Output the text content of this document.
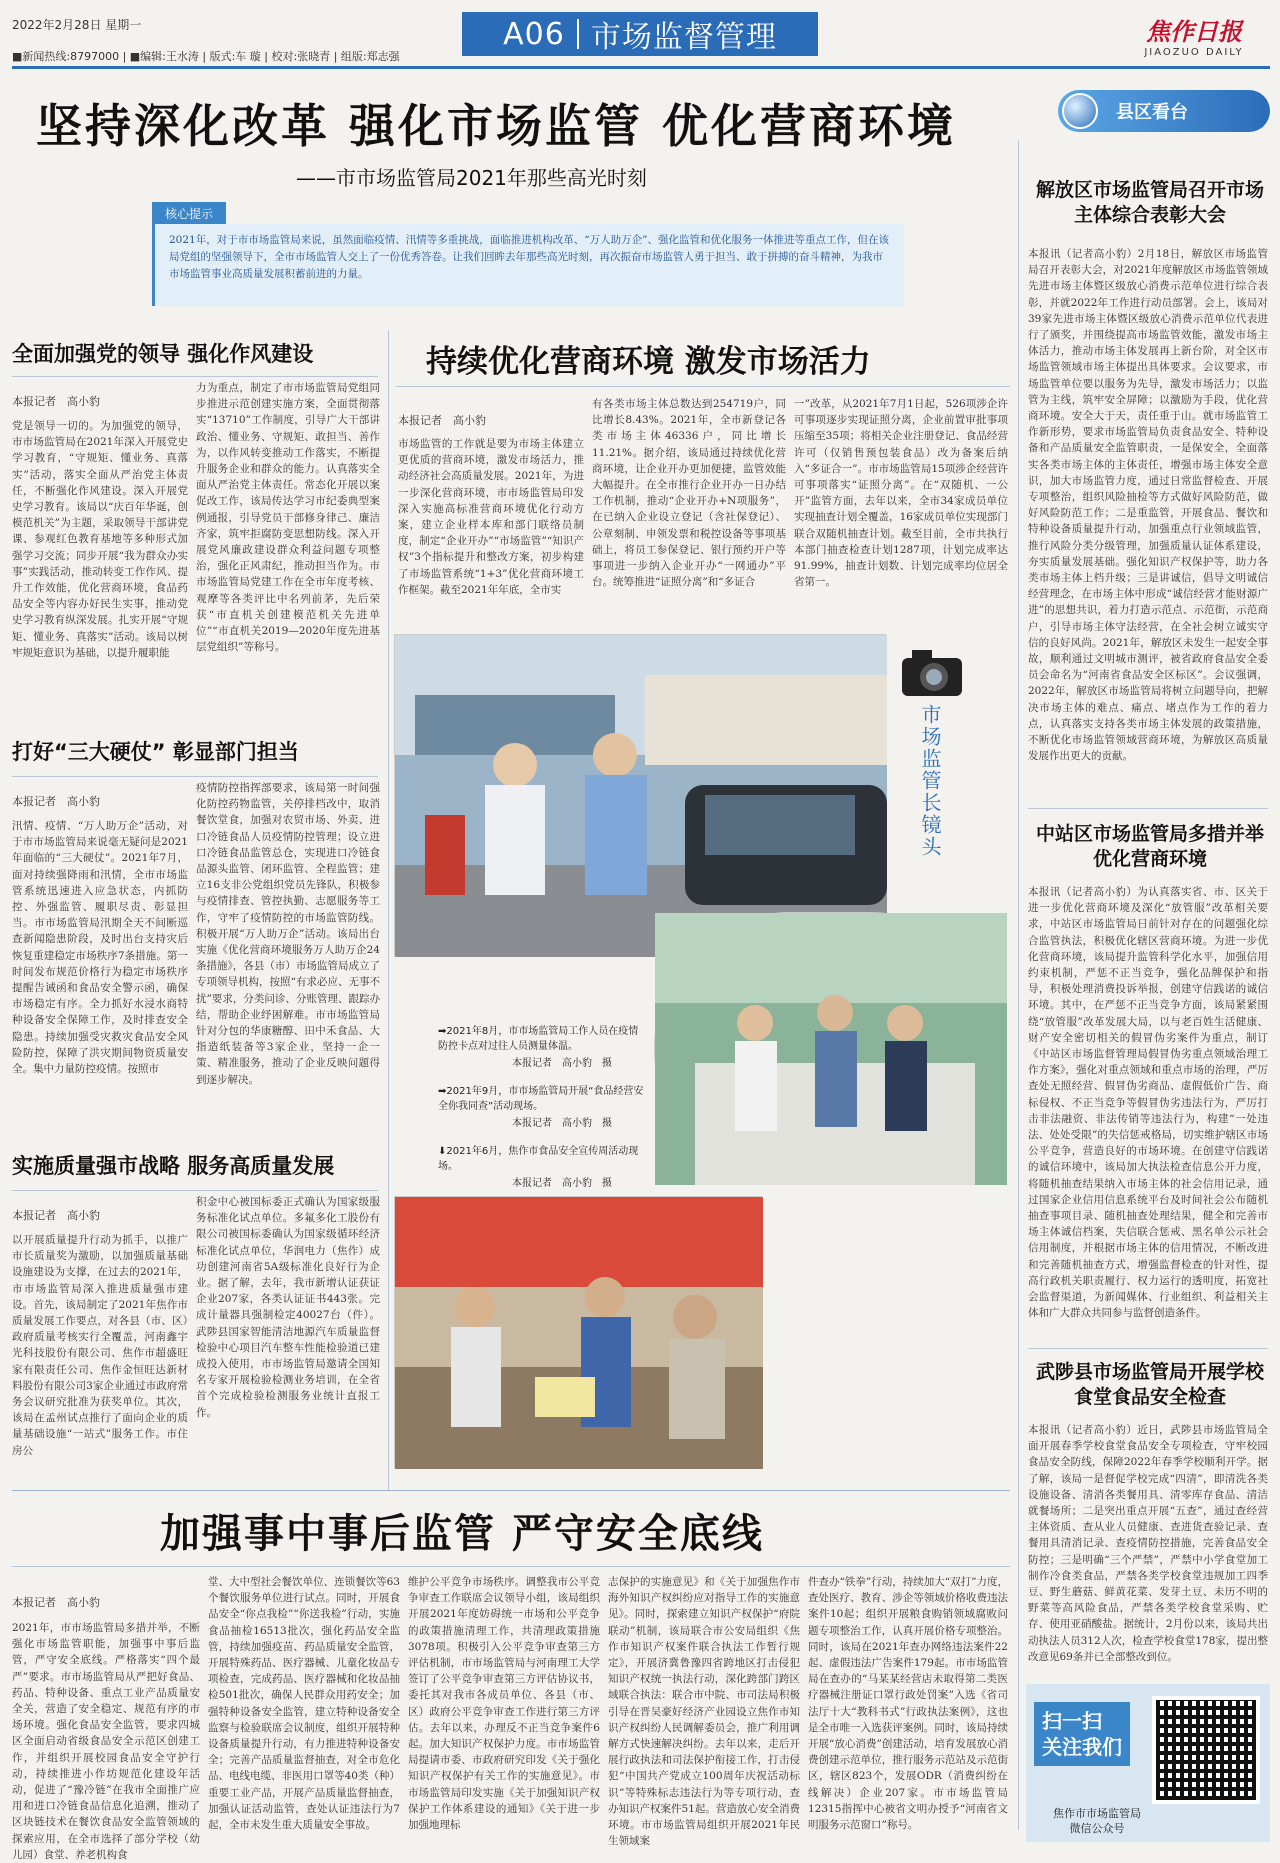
2022年2月28日 星期一
■新闻热线:8797000 | ■编辑:王水涛 | 版式:车 璇 | 校对:张晓青 | 组版:郑志强
A06 市场监督管理	焦作日报
JIAOZUO DAILY
坚持深化改革 强化市场监管 优化营商环境
——市市场监管局2021年那些高光时刻
核心提示
2021年，对于市市场监管局来说，虽然面临疫情、汛情等多重挑战，面临推进机构改革、“万人助万企”、强化监管和优化服务一体推进等重点工作，但在该局党组的坚强领导下，全市市场监管人交上了一份优秀答卷。让我们回眸去年那些高光时刻，再次振奋市场监管人勇于担当、敢于拼搏的奋斗精神，为我市市场监管事业高质量发展积蓄前进的力量。
县区看台
全面加强党的领导 强化作风建设
本报记者　高小豹
党是领导一切的。为加强党的领导，市市场监管局在2021年深入开展党史学习教育，“守规矩、懂业务、真落实”活动，落实全面从严治党主体责任，不断强化作风建设。深入开展党史学习教育。该局以“庆百年华诞，创模范机关”为主题，采取领导干部讲党课、参观红色教育基地等多种形式加强学习交流；同步开展“我为群众办实事”实践活动，推动转变工作作风、提升工作效能，优化营商环境，食品药品安全等内容办好民生实事，推动党史学习教育纵深发展。扎实开展“守规矩、懂业务、真落实”活动。该局以树牢规矩意识为基础，以提升履职能
力为重点，制定了市市场监管局党组同步推进示范创建实施方案，全面贯彻落实“13710”工作制度，引导广大干部讲政治、懂业务、守规矩、敢担当、善作为，以作风转变推动工作落实，不断提升服务企业和群众的能力。认真落实全面从严治党主体责任。常态化开展以案促改工作，该局传达学习市纪委典型案例通报，引导党员干部修身律己、廉洁齐家，筑牢拒腐防变思想防线。深入开展党风廉政建设群众利益问题专项整治，强化正风肃纪，推动担当作为。市市场监管局党建工作在全市年度考核、观摩等各类评比中名列前茅，先后荣获“市直机关创建模范机关先进单位”“市直机关2019—2020年度先进基层党组织”等称号。
打好“三大硬仗” 彰显部门担当
本报记者　高小豹
汛情、疫情、“万人助万企”活动，对于市市场监管局来说毫无疑问是2021年面临的“三大硬仗”。2021年7月，面对持续强降雨和汛情，全市市场监管系统迅速进入应急状态，内抓防控、外强监管、履职尽责、彰显担当。市市场监管局汛期全天不间断巡查新闻隐患阶段，及时出台支持灾后恢复重建稳定市场秩序7条措施。第一时间发布规范价格行为稳定市场秩序提醒告诫函和食品安全警示函，确保市场稳定有序。全力抓好水浸水商特种设备安全保障工作，及时排查安全隐患。持续加强受灾救灾食品安全风险防控，保障了洪灾期间物资质量安全。集中力量防控疫情。按照市
疫情防控指挥部要求，该局第一时间强化防控药物监管，关停排档改中，取消餐饮堂食，加强对农贸市场、外卖、进口冷链食品人员疫情防控管理；设立进口冷链食品监管总仓，实现进口冷链食品源头监管、闭环监管、全程监管；建立16支非公党组织党员先锋队，积极参与疫情排查、管控执勤、志愿服务等工作，守牢了疫情防控的市场监管防线。积极开展“万人助万企”活动。该局出台实施《优化营商环境服务万人助万企24条措施》，各县（市）市场监管局成立了专项领导机构，按照“有求必应、无事不扰”要求，分类问诊、分账管理、跟踪办结，帮助企业纾困解难。市市场监管局针对分包的华康糖醇、田中禾食品、大指造纸装备等3家企业，坚持一企一策、精准服务，推动了企业反映问题得到逐步解决。
实施质量强市战略 服务高质量发展
本报记者　高小豹
以开展质量提升行动为抓手，以推广市长质量奖为激励，以加强质量基础设施建设为支撑，在过去的2021年，市市场监管局深入推进质量强市建设。首先，该局制定了2021年焦作市质量发展工作要点，对各县（市、区）政府质量考核实行全覆盖，河南鑫宇光科技股份有限公司、焦作市超盛旺家有限责任公司、焦作金恒旺达新材料股份有限公司3家企业通过市政府常务会议研究批准为获奖单位。其次，该局在孟州试点推行了面向企业的质量基础设施“一站式”服务工作。市住房公
积金中心被国标委正式确认为国家级服务标准化试点单位。多氟多化工股份有限公司被国标委确认为国家级循环经济标准化试点单位，华润电力（焦作）成功创建河南省5A级标准化良好行为企业。据了解，去年，我市新增认证获证企业207家，各类认证证书443张。完成计量器具强制检定40027台（件）。武陟县国家智能清洁地源汽车质量监督检验中心项目汽车整车性能检验道已建成投入使用，市市场监管局邀请全国知名专家开展检验检测业务培训，在全省首个完成检验检测服务业统计直报工作。
持续优化营商环境 激发市场活力
本报记者　高小豹
市场监管的工作就是要为市场主体建立更优质的营商环境，激发市场活力，推动经济社会高质量发展。2021年，为进一步深化营商环境，市市场监管局印发深入实施高标准营商环境优化行动方案，建立企业样本库和部门联络员制度，制定“企业开办”“市场监管”“知识产权”3个指标提升和整改方案，初步构建了市场监管系统“1+3”优化营商环境工作框架。截至2021年年底，全市实
有各类市场主体总数达到254719户，同比增长8.43%。2021年，全市新登记各类市场主体46336户，同比增长11.21%。据介绍，该局通过持续优化营商环境，让企业开办更加便捷，监管效能大幅提升。在全市推行企业开办一日办结工作机制，推动“企业开办+N项服务”，在已纳入企业设立登记（含社保登记）、公章刻制、申领发票和税控设备等事项基础上，将员工参保登记、银行预约开户等事项进一步纳入企业开办“一网通办”平台。统筹推进“证照分离”和“多证合
一”改革，从2021年7月1日起，526项涉企许可事项逐步实现证照分离，企业前置审批事项压缩至35项；将相关企业注册登记、食品经营许可（仅销售预包装食品）改为备案后纳入“多证合一”。市市场监管局15项涉企经营许可事项落实“证照分离”。在“双随机、一公开”监管方面，去年以来，全市34家成员单位实现抽查计划全覆盖，16家成员单位实现部门联合双随机抽查计划。截至目前，全市共执行本部门抽查检查计划1287项，计划完成率达91.99%，抽查计划数、计划完成率均位居全省第一。
市场监管长镜头
➡2021年8月，市市场监管局工作人员在疫情防控卡点对过往人员测量体温。
本报记者　高小豹　摄
➡2021年9月，市市场监管局开展“食品经营安全你我同查”活动现场。
本报记者　高小豹　摄
⬇2021年6月，焦作市食品安全宣传周活动现场。
本报记者　高小豹　摄
加强事中事后监管 严守安全底线
本报记者　高小豹
2021年，市市场监管局多措并举，不断强化市场监管职能，加强事中事后监管，严守安全底线。严格落实“四个最严”要求。市市场监管局从严把好食品、药品、特种设备、重点工业产品质量安全关，营造了安全稳定、规范有序的市场环境。强化食品安全监管，要求四城区全面启动省级食品安全示范区创建工作，并组织开展校园食品安全守护行动，持续推进小作坊规范化建设年活动，促进了“豫冷链”在我市全面推广应用和进口冷链食品信息化追溯，推动了区块链技术在餐饮食品安全监管领域的探索应用，在全市选择了部分学校（幼儿园）食堂、养老机构食
堂、大中型社会餐饮单位、连锁餐饮等63个餐饮服务单位进行试点。同时，开展食品安全“你点我检”“你送我检”行动，实施食品抽检16513批次，强化药品安全监管，持续加强疫苗、药品质量安全监管，开展特殊药品、医疗器械、儿童化妆品专项检查，完成药品、医疗器械和化妆品抽检501批次，确保人民群众用药安全；加强特种设备安全监管，建立特种设备安全监察与检验联席会议制度，组织开展特种设备质量提升行动，有力推进特种设备安全；完善产品质量监督抽查，对全市危化品、电线电缆、非医用口罩等40类（种）重要工业产品，开展产品质量监督抽查，加强认证活动监管，查处认证违法行为7起，全市未发生重大质量安全事故。
维护公平竞争市场秩序。调整我市公平竞争审查工作联席会议领导小组，该局组织开展2021年度妨碍统一市场和公平竞争的政策措施清理工作，共清理政策措施3078项。积极引入公平竞争审查第三方评估机制，市市场监管局与河南理工大学签订了公平竞争审查第三方评估协议书，委托其对我市各成员单位、各县（市、区）政府公平竞争审查工作进行第三方评估。去年以来，办理反不正当竞争案件6起。加大知识产权保护力度。市市场监管局提请市委、市政府研究印发《关于强化知识产权保护有关工作的实施意见》。市市场监管局印发实施《关于加强知识产权保护工作体系建设的通知》《关于进一步加强地理标
志保护的实施意见》和《关于加强焦作市海外知识产权纠纷应对指导工作的实施意见》。同时，探索建立知识产权保护“府院联动”机制，该局联合市公安局组织《焦作市知识产权案件联合执法工作暂行规定》，开展济冀鲁豫四省跨地区打击侵犯知识产权统一执法行动，深化跨部门跨区域联合执法：联合市中院、市司法局积极引导在晋吴豪好经济产业园设立焦作市知识产权纠纷人民调解委员会，推广利用调解方式快速解决纠纷。去年以来，走后开展行政执法和司法保护衔接工作，打击侵犯“中国共产党成立100周年庆祝活动标识”等特殊标志违法行为等专项行动，查办知识产权案件51起。营造放心安全消费环境。市市场监管局组织开展2021年民生领域案
件查办“铁拳”行动，持续加大“双打”力度，查处医疗、教育、涉企等领域价格收费违法案件10起；组织开展粮食购销领域腐败问题专项整治工作，认真开展价格专项整治。同时，该局在2021年查办网络违法案件22起、虚假违法广告案件179起。市市场监管局在查办的“马某某经营店未取得第二类医疗器械注册证口罩行政处罚案”入选《省司法厅十大“教科书式”行政执法案例》，这也是全市唯一入选获评案例。同时，该局持续开展“放心消费”创建活动，培育发展放心消费创建示范单位，推行服务示范站及示范街区，辖区823个，发展ODR（消费纠纷在线解决）企业207家。市市场监管局12315指挥中心被省文明办授予“河南省文明服务示范窗口”称号。
解放区市场监管局召开市场主体综合表彰大会
本报讯（记者高小豹）2月18日，解放区市场监管局召开表彰大会，对2021年度解放区市场监管领域先进市场主体暨区级放心消费示范单位进行综合表彰，并就2022年工作进行动员部署。会上，该局对39家先进市场主体暨区级放心消费示范单位代表进行了颁奖，并围绕提高市场监管效能，激发市场主体活力，推动市场主体发展再上新台阶，对全区市场监管领域市场主体提出具体要求。会议要求，市场监管单位要以服务为先导，激发市场活力；以监管为主线，筑牢安全屏障；以激励为手段，优化营商环境。安全大于天，责任重于山。就市场监管工作新形势，要求市场监管局负责食品安全、特种设备和产品质量安全监管职责，一是保安全，全面落实各类市场主体的主体责任，增强市场主体安全意识，加大市场监管力度，通过日常监督检查、开展专项整治，组织风险抽检等方式做好风险防范，做好风险防范工作；二是重监管，开展食品、餐饮和特种设备质量提升行动，加强重点行业领域监管，推行风险分类分级管理，加强质量认证体系建设，夯实质量发展基础。强化知识产权保护等，助力各类市场主体上档升级；三是讲诚信，倡导文明诚信经营理念，在市场主体中形成“诚信经营才能财源广进”的思想共识，着力打造示范点、示范街，示范商户，引导市场主体守法经营，在全社会树立诚实守信的良好风尚。2021年，解放区未发生一起安全事故，顺利通过文明城市测评，被省政府食品安全委员会命名为“河南省食品安全区标区”。会议强调，2022年，解放区市场监管局将树立问题导向，把解决市场主体的难点、痛点、堵点作为工作的着力点，认真落实支持各类市场主体发展的政策措施，不断优化市场监管领域营商环境，为解放区高质量发展作出更大的贡献。
中站区市场监管局多措并举优化营商环境
本报讯（记者高小豹）为认真落实省、市、区关于进一步优化营商环境及深化“放管服”改革相关要求，中站区市场监管局日前针对存在的问题强化综合监管执法，积极优化辖区营商环境。为进一步优化营商环境，该局提升监管科学化水平，加强信用约束机制，严惩不正当竞争，强化品牌保护和指导，积极处理消费投诉举报，创建守信践诺的诚信环境。其中，在严惩不正当竞争方面，该局紧紧围绕“放管服”改革发展大局，以与老百姓生活健康、财产安全密切相关的假冒伪劣案件为重点，制订《中站区市场监督管理局假冒伪劣重点领域治理工作方案》，强化对重点领域和重点市场的治理，严厉查处无照经营、假冒伪劣商品、虚假低价广告、商标侵权、不正当竞争等假冒伪劣违法行为，严厉打击非法融资、非法传销等违法行为，构建“一处违法、处处受限”的失信惩戒格局，切实维护辖区市场公平竞争，营造良好的市场环境。在创建守信践诺的诚信环境中，该局加大执法检查信息公开力度，将随机抽查结果纳入市场主体的社会信用记录，通过国家企业信用信息系统平台及时间社会公布随机抽查事项目录、随机抽查处理结果，健全和完善市场主体诚信档案，失信联合惩戒、黑名单公示社会信用制度，并根据市场主体的信用情况，不断改进和完善随机抽查方式，增强监督检查的针对性，提高行政机关职责履行、权力运行的透明度，拓宽社会监督渠道，为新闻媒体、行业组织、利益相关主体和广大群众共同参与监督创造条件。
武陟县市场监管局开展学校食堂食品安全检查
本报讯（记者高小豹）近日，武陟县市场监管局全面开展春季学校食堂食品安全专项检查，守牢校园食品安全防线，保障2022年春季学校顺利开学。据了解，该局一是督促学校完成“四清”，即清洗各类设施设备、清消各类餐用具、清零库存食品、清洁就餐场所；二是突出重点开展“五查”，通过查经营主体资质、查从业人员健康、查进货查验记录、查餐用具清消记录、查疫情防控措施，完善食品安全防控；三是明确“三个严禁”，严禁中小学食堂加工制作冷食类食品，严禁各类学校食堂违规加工四季豆、野生蘑菇、鲜黄花菜、发芽土豆、未历不明的野菜等高风险食品，严禁各类学校食堂采购、贮存、使用亚硝酸盐。据统计，2月份以来，该局共出动执法人员312人次，检查学校食堂178家，提出整改意见69条并已全部整改到位。
扫一扫 关注我们
焦作市市场监管局
微信公众号
